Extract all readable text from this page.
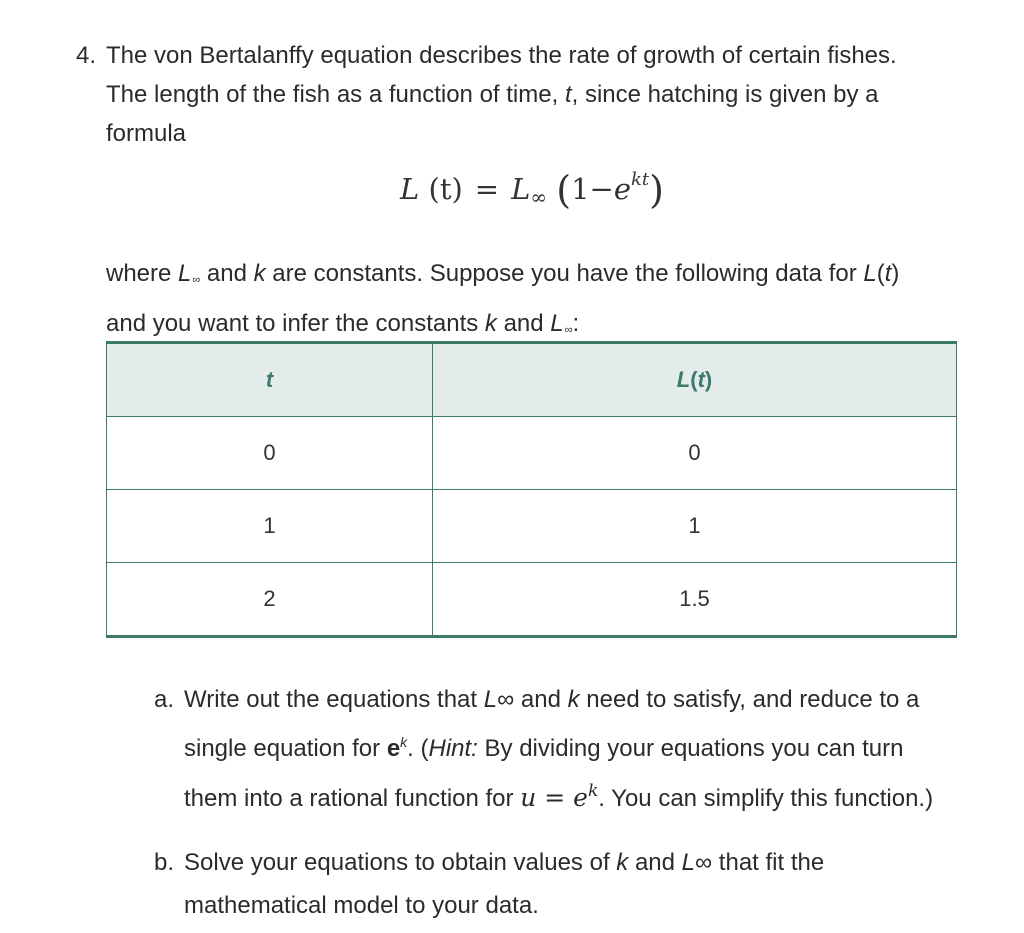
4. The von Bertalanffy equation describes the rate of growth of certain fishes. The length of the fish as a function of time, t, since hatching is given by a formula

L (t) = L∞ $(1-e^{kt})$

where L∞ and k are constants. Suppose you have the following data for L(t) and you want to infer the constants k and L∞:

t	L(t)
0	0
1	1
2	1.5
a. Write out the equations that L∞ and k need to satisfy, and reduce to a single equation for $e^k$. (Hint: By dividing your equations you can turn them into a rational function for $u = e^k$. You can simplify this function.)

b. Solve your equations to obtain values of k and L∞ that fit the mathematical model to your data.
